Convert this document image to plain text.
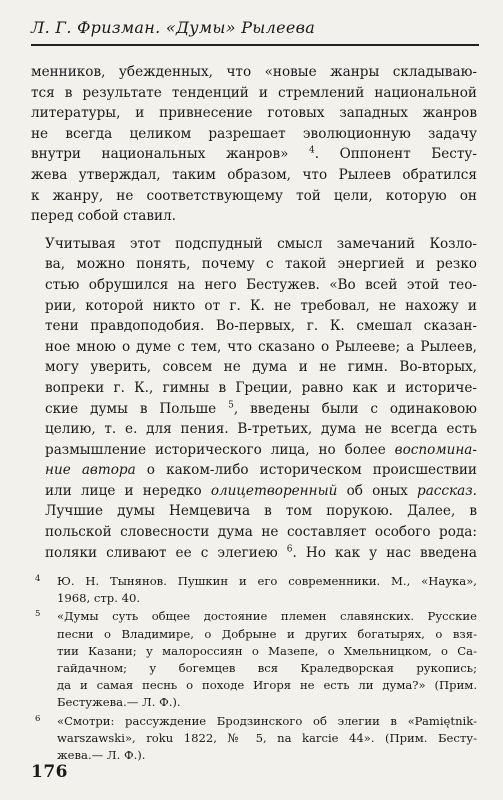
Л. Г. Фризман. «Думы» Рылеева

менников, убежденных, что «новые жанры складываю-
тся в результате тенденций и стремлений национальной
литературы, и привнесение готовых западных жанров
не всегда целиком разрешает эволюционную задачу
внутри национальных жанров» $^4$. Оппонент Бесту-
жева утверждал, таким образом, что Рылеев обратился
к жанру, не соответствующему той цели, которую он
перед собой ставил.

Учитывая этот подспудный смысл замечаний Козло-
ва, можно понять, почему с такой энергией и резко
стью обрушился на него Бестужев. «Во всей этой тео-
рии, которой никто от г. К. не требовал, не нахожу и
тени правдоподобия. Во-первых, г. К. смешал сказан-
ное мною о думе с тем, что сказано о Рылееве; а Рылеев,
могу уверить, совсем не дума и не гимн. Во-вторых,
вопреки г. К., гимны в Греции, равно как и историче-
ские думы в Польше $^5$, введены были с одинаковою
целию, т. е. для пения. В-третьих, дума не всегда есть
размышление исторического лица, но более воспомина-
ние автора о каком-либо историческом происшествии
или лице и нередко олицетворенный об оных рассказ.
Лучшие думы Немцевича в том порукою. Далее, в
польской словесности дума не составляет особого рода:
поляки сливают ее с элегиею $^6$. Но как у нас введена

4 Ю. Н. Тынянов. Пушкин и его современники. М., «Наука»,
1968, стр. 40.
5 «Думы суть общее достояние племен славянских. Русские
песни о Владимире, о Добрыне и других богатырях, о взя-
тии Казани; у малороссиян о Мазепе, о Хмельницком, о Са-
гайдачном; у богемцев вся Краледворская рукопись;
да и самая песнь о походе Игоря не есть ли дума?» (Прим.
Бестужева.— Л. Ф.).
6 «Смотри: рассуждение Бродзинского об элегии в «Pamiętnik-
warszawski», roku 1822, № 5, na karcie 44». (Прим. Бесту-
жева.— Л. Ф.).
176
